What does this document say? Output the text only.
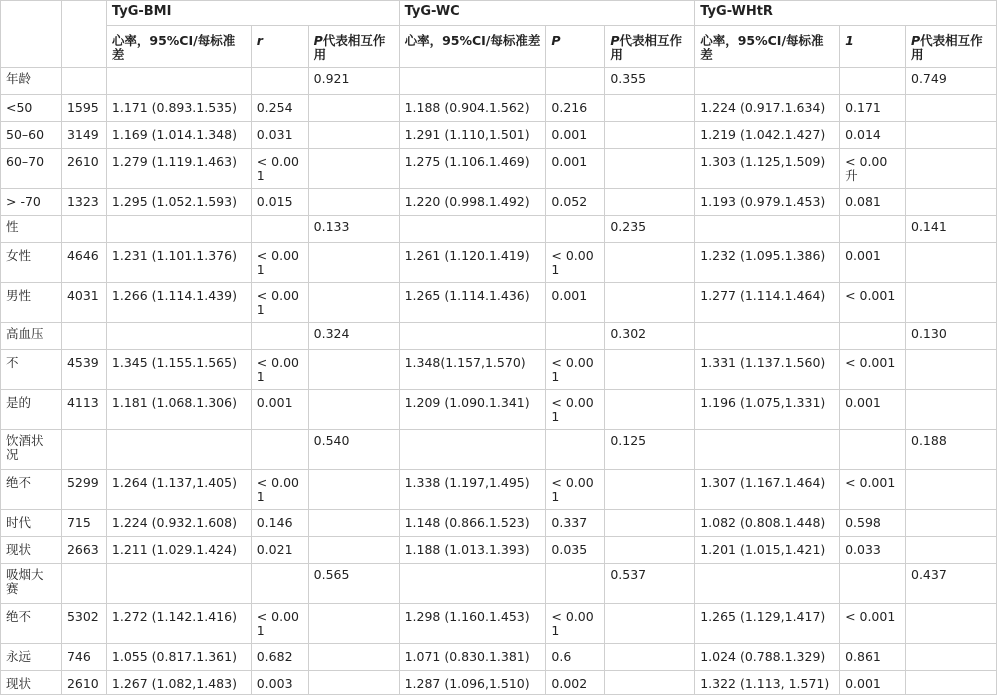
		TyG-BMI			TyG-WC			TyG-WHtR		
		心率，95%CI/每标准差	r	P代表相互作用	心率，95%CI/每标准差	P	P代表相互作用	心率，95%CI/每标准差	1	P代表相互作用
年龄				0.921			0.355			0.749
<50	1595	1.171 (0.893.1.535)	0.254		1.188 (0.904.1.562)	0.216		1.224 (0.917.1.634)	0.171	
50–60	3149	1.169 (1.014.1.348)	0.031		1.291 (1.110,1.501)	0.001		1.219 (1.042.1.427)	0.014	
60–70	2610	1.279 (1.119.1.463)	< 0.001		1.275 (1.106.1.469)	0.001		1.303 (1.125,1.509)	< 0.00 升	
> -70	1323	1.295 (1.052.1.593)	0.015		1.220 (0.998.1.492)	0.052		1.193 (0.979.1.453)	0.081	
性				0.133			0.235			0.141
女性	4646	1.231 (1.101.1.376)	< 0.001		1.261 (1.120.1.419)	< 0.001		1.232 (1.095.1.386)	0.001	
男性	4031	1.266 (1.114.1.439)	< 0.001		1.265 (1.114.1.436)	0.001		1.277 (1.114.1.464)	< 0.001	
高血压				0.324			0.302			0.130
不	4539	1.345 (1.155.1.565)	< 0.001		1.348(1.157,1.570)	< 0.001		1.331 (1.137.1.560)	< 0.001	
是的	4113	1.181 (1.068.1.306)	0.001		1.209 (1.090.1.341)	< 0.001		1.196 (1.075,1.331)	0.001	
饮酒状况				0.540			0.125			0.188
绝不	5299	1.264 (1.137,1.405)	< 0.001		1.338 (1.197,1.495)	< 0.001		1.307 (1.167.1.464)	< 0.001	
时代	715	1.224 (0.932.1.608)	0.146		1.148 (0.866.1.523)	0.337		1.082 (0.808.1.448)	0.598	
现状	2663	1.211 (1.029.1.424)	0.021		1.188 (1.013.1.393)	0.035		1.201 (1.015,1.421)	0.033	
吸烟大赛				0.565			0.537			0.437
绝不	5302	1.272 (1.142.1.416)	< 0.001		1.298 (1.160.1.453)	< 0.001		1.265 (1.129,1.417)	< 0.001	
永远	746	1.055 (0.817.1.361)	0.682		1.071 (0.830.1.381)	0.6		1.024 (0.788.1.329)	0.861	
现状	2610	1.267 (1.082,1.483)	0.003		1.287 (1.096,1.510)	0.002		1.322 (1.113, 1.571)	0.001	
